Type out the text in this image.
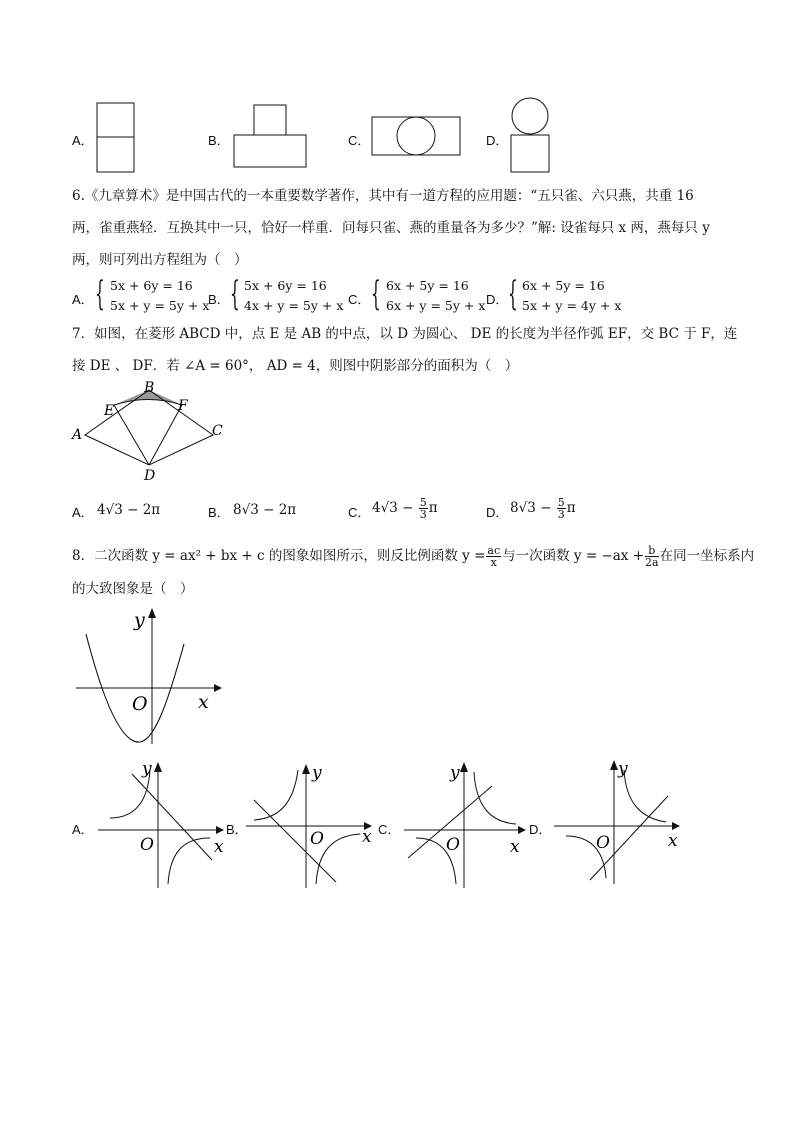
A．	B．	C．	D．
6.《九章算术》是中国古代的一本重要数学著作，其中有一道方程的应用题：“五只雀、六只燕，共重 16
两，雀重燕轻．互换其中一只，恰好一样重．问每只雀、燕的重量各为多少？”解: 设雀每只 x 两，燕每只 y
两，则可列出方程组为（　）
A． { 5x + 6y = 16
5x + y = 5y + x
B． { 5x + 6y = 16
4x + y = 5y + x C． { 6x + 5y = 16
6x + y = 5y + x D． { 6x + 5y = 16
5x + y = 4y + x
7．如图，在菱形 ABCD 中，点 E 是 AB 的中点，以 D 为圆心、 DE 的长度为半径作弧 EF，交 BC 于 F，连
接 DE 、 DF．若 ∠A = 60°， AD = 4，则图中阴影部分的面积为（　）
A
B
C
D
E	F
A． 4√3 − 2π	B． 8√3 − 2π	C． $4√3 - \frac{5}{3}$ π	D． $8√3 - \frac{5}{3}$ π
8．二次函数 y = ax² + bx + c 的图象如图所示，则反比例函数 $y = \frac{ac}{x}$ 与一次函数 $y = -ax + \frac{b}{2a}$ 在同一坐标系内
的大致图象是（　）
y
x
O
A．
y
x
O
B．
y
x
O	C．
y
x
O
D．
y
x
O
